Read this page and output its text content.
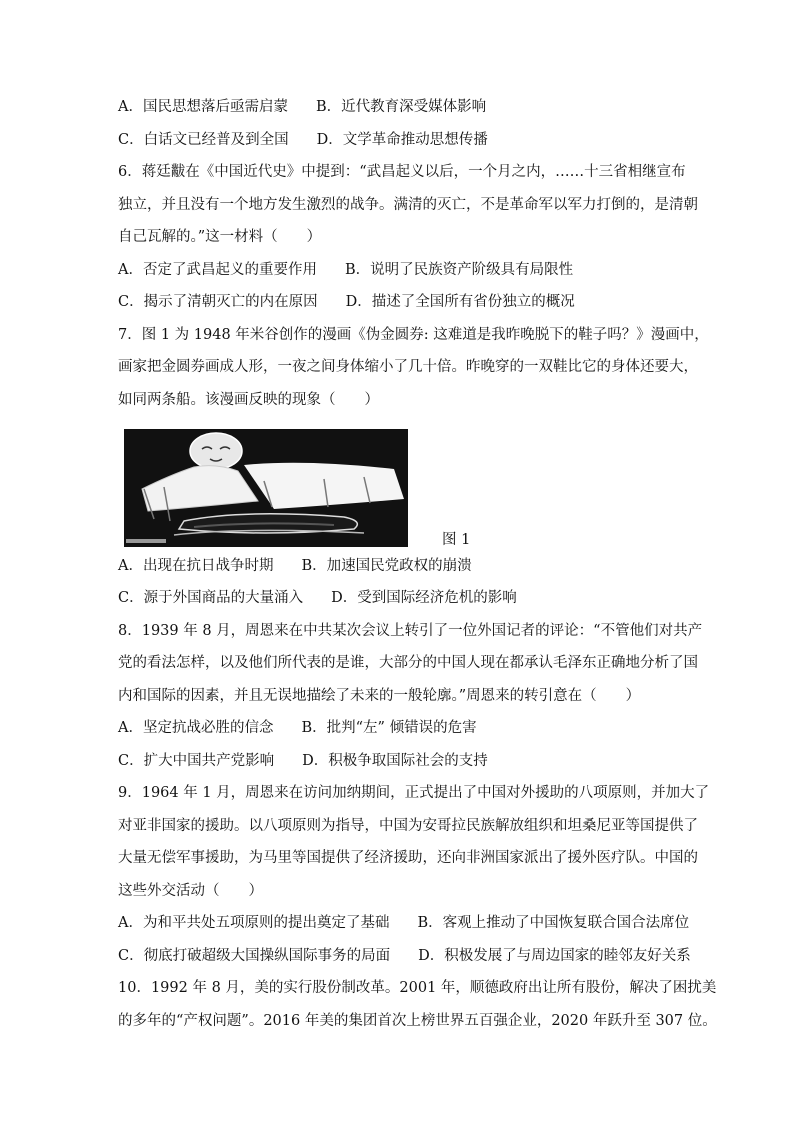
A．国民思想落后亟需启蒙 B．近代教育深受媒体影响
C．白话文已经普及到全国 D．文学革命推动思想传播
6．蒋廷黻在《中国近代史》中提到：“武昌起义以后，一个月之内，……十三省相继宣布
独立，并且没有一个地方发生激烈的战争。满清的灭亡，不是革命军以军力打倒的，是清朝
自己瓦解的。”这一材料（　　）
A．否定了武昌起义的重要作用 B．说明了民族资产阶级具有局限性
C．揭示了清朝灭亡的内在原因 D．描述了全国所有省份独立的概况
7．图 1 为 1948 年米谷创作的漫画《伪金圆券: 这难道是我昨晚脱下的鞋子吗？》漫画中，
画家把金圆券画成人形，一夜之间身体缩小了几十倍。昨晚穿的一双鞋比它的身体还要大，
如同两条船。该漫画反映的现象（　　）
图 1
A．出现在抗日战争时期 B．加速国民党政权的崩溃
C．源于外国商品的大量涌入 D．受到国际经济危机的影响
8．1939 年 8 月，周恩来在中共某次会议上转引了一位外国记者的评论：“不管他们对共产
党的看法怎样，以及他们所代表的是谁，大部分的中国人现在都承认毛泽东正确地分析了国
内和国际的因素，并且无误地描绘了未来的一般轮廓。”周恩来的转引意在（　　）
A．坚定抗战必胜的信念 B．批判“左” 倾错误的危害
C．扩大中国共产党影响 D．积极争取国际社会的支持
9．1964 年 1 月，周恩来在访问加纳期间，正式提出了中国对外援助的八项原则，并加大了
对亚非国家的援助。以八项原则为指导，中国为安哥拉民族解放组织和坦桑尼亚等国提供了
大量无偿军事援助，为马里等国提供了经济援助，还向非洲国家派出了援外医疗队。中国的
这些外交活动（　　）
A．为和平共处五项原则的提出奠定了基础 B．客观上推动了中国恢复联合国合法席位
C．彻底打破超级大国操纵国际事务的局面 D．积极发展了与周边国家的睦邻友好关系
10．1992 年 8 月，美的实行股份制改革。2001 年，顺德政府出让所有股份，解决了困扰美
的多年的“产权问题”。2016 年美的集团首次上榜世界五百强企业，2020 年跃升至 307 位。
